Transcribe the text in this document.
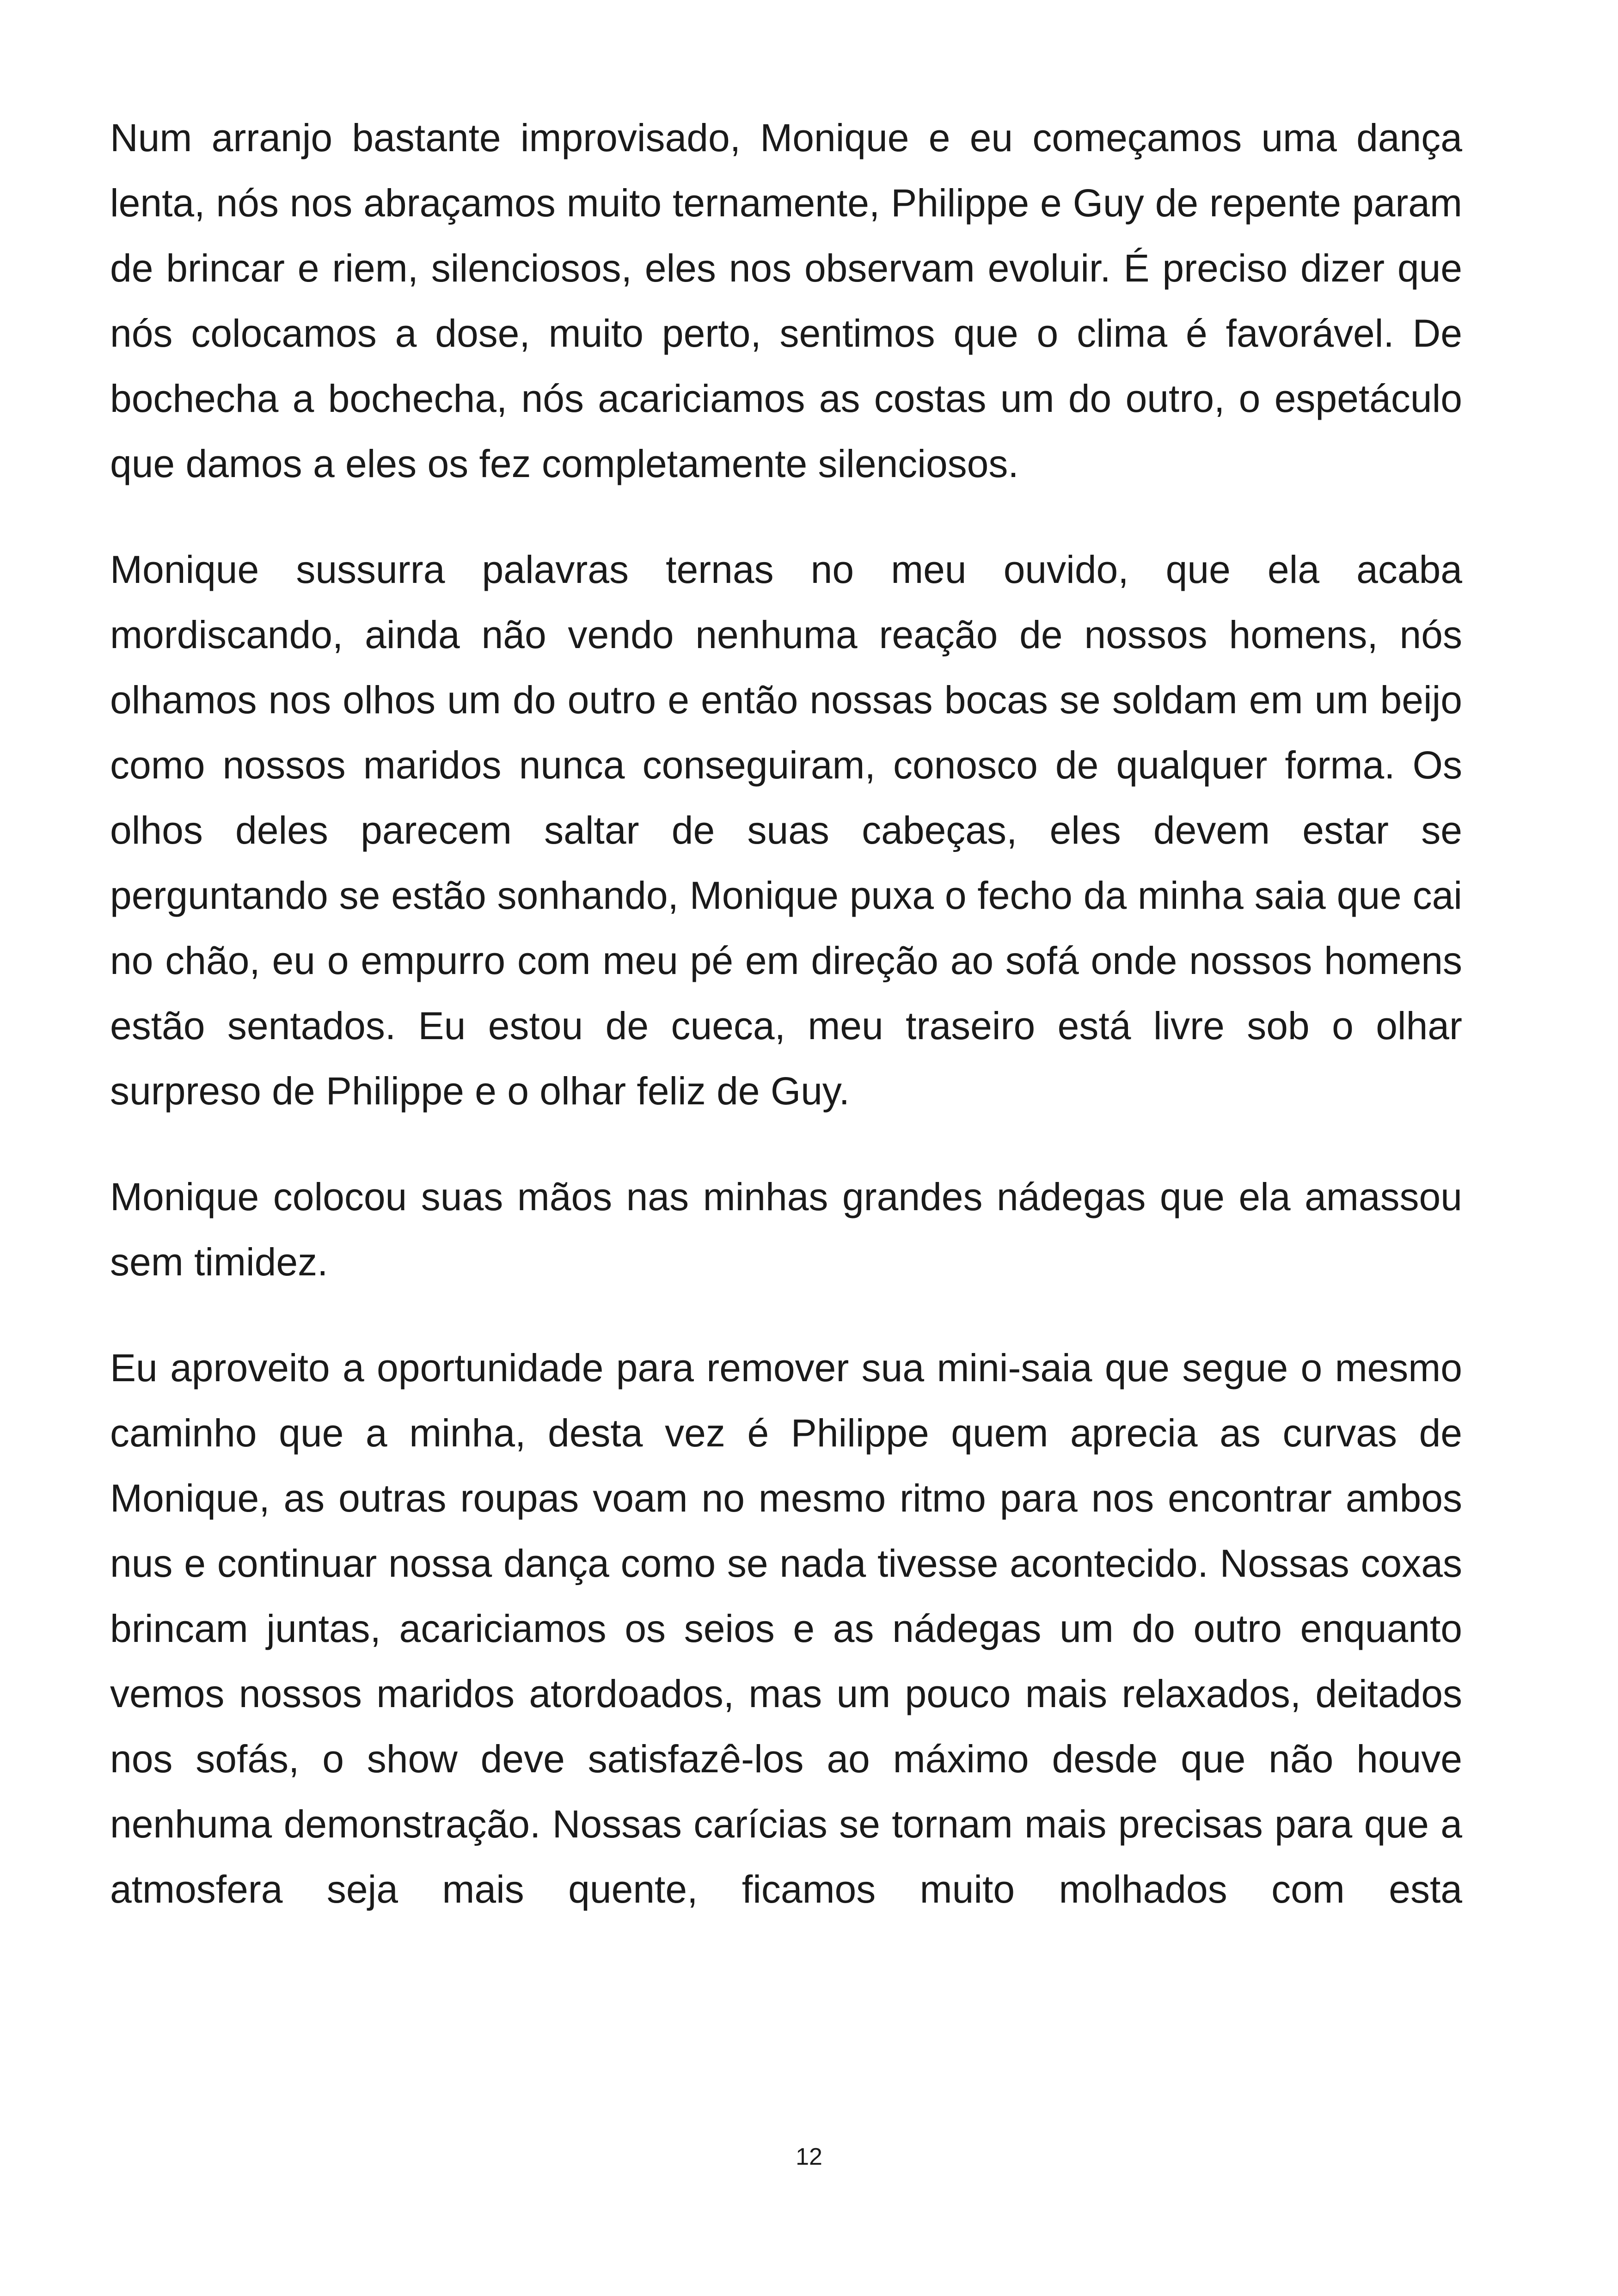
Num arranjo bastante improvisado, Monique e eu começamos uma dança lenta, nós nos abraçamos muito ternamente, Philippe e Guy de repente param de brincar e riem, silenciosos, eles nos observam evoluir. É preciso dizer que nós colocamos a dose, muito perto, sentimos que o clima é favorável. De bochecha a bochecha, nós acariciamos as costas um do outro, o espetáculo que damos a eles os fez completamente silenciosos.

Monique sussurra palavras ternas no meu ouvido, que ela acaba mordiscando, ainda não vendo nenhuma reação de nossos homens, nós olhamos nos olhos um do outro e então nossas bocas se soldam em um beijo como nossos maridos nunca conseguiram, conosco de qualquer forma. Os olhos deles parecem saltar de suas cabeças, eles devem estar se perguntando se estão sonhando, Monique puxa o fecho da minha saia que cai no chão, eu o empurro com meu pé em direção ao sofá onde nossos homens estão sentados. Eu estou de cueca, meu traseiro está livre sob o olhar surpreso de Philippe e o olhar feliz de Guy.

Monique colocou suas mãos nas minhas grandes nádegas que ela amassou sem timidez.

Eu aproveito a oportunidade para remover sua mini-saia que segue o mesmo caminho que a minha, desta vez é Philippe quem aprecia as curvas de Monique, as outras roupas voam no mesmo ritmo para nos encontrar ambos nus e continuar nossa dança como se nada tivesse acontecido. Nossas coxas brincam juntas, acariciamos os seios e as nádegas um do outro enquanto vemos nossos maridos atordoados, mas um pouco mais relaxados, deitados nos sofás, o show deve satisfazê-los ao máximo desde que não houve nenhuma demonstração. Nossas carícias se tornam mais precisas para que a atmosfera seja mais quente, ficamos muito molhados com esta

12
